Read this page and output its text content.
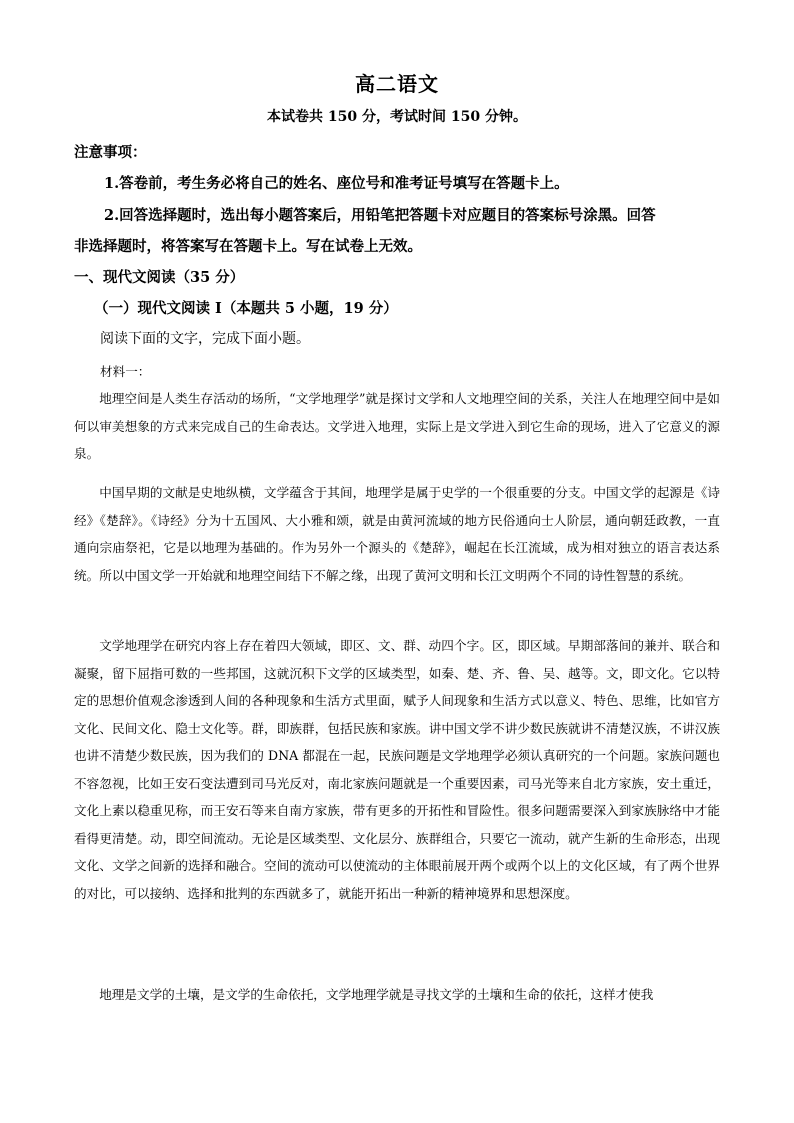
高二语文
本试卷共 150 分，考试时间 150 分钟。
注意事项：
1.答卷前，考生务必将自己的姓名、座位号和准考证号填写在答题卡上。
2.回答选择题时，选出每小题答案后，用铅笔把答题卡对应题目的答案标号涂黑。回答
非选择题时，将答案写在答题卡上。写在试卷上无效。
一、现代文阅读（35 分）
（一）现代文阅读 I（本题共 5 小题，19 分）
阅读下面的文字，完成下面小题。
材料一：

地理空间是人类生存活动的场所，“文学地理学”就是探讨文学和人文地理空间的关系，关注人在地理空间中是如何以审美想象的方式来完成自己的生命表达。文学进入地理，实际上是文学进入到它生命的现场，进入了它意义的源泉。

中国早期的文献是史地纵横，文学蕴含于其间，地理学是属于史学的一个很重要的分支。中国文学的起源是《诗经》《楚辞》。《诗经》分为十五国风、大小雅和颂，就是由黄河流域的地方民俗通向士人阶层，通向朝廷政教，一直通向宗庙祭祀，它是以地理为基础的。作为另外一个源头的《楚辞》，崛起在长江流域，成为相对独立的语言表达系统。所以中国文学一开始就和地理空间结下不解之缘，出现了黄河文明和长江文明两个不同的诗性智慧的系统。

文学地理学在研究内容上存在着四大领域，即区、文、群、动四个字。区，即区域。早期部落间的兼并、联合和凝聚，留下屈指可数的一些邦国，这就沉积下文学的区域类型，如秦、楚、齐、鲁、吴、越等。文，即文化。它以特定的思想价值观念渗透到人间的各种现象和生活方式里面，赋予人间现象和生活方式以意义、特色、思维，比如官方文化、民间文化、隐士文化等。群，即族群，包括民族和家族。讲中国文学不讲少数民族就讲不清楚汉族，不讲汉族也讲不清楚少数民族，因为我们的 DNA 都混在一起，民族问题是文学地理学必须认真研究的一个问题。家族问题也不容忽视，比如王安石变法遭到司马光反对，南北家族问题就是一个重要因素，司马光等来自北方家族，安土重迁，文化上素以稳重见称，而王安石等来自南方家族，带有更多的开拓性和冒险性。很多问题需要深入到家族脉络中才能看得更清楚。动，即空间流动。无论是区域类型、文化层分、族群组合，只要它一流动，就产生新的生命形态，出现文化、文学之间新的选择和融合。空间的流动可以使流动的主体眼前展开两个或两个以上的文化区域，有了两个世界的对比，可以接纳、选择和批判的东西就多了，就能开拓出一种新的精神境界和思想深度。

地理是文学的土壤，是文学的生命依托，文学地理学就是寻找文学的土壤和生命的依托，这样才使我
